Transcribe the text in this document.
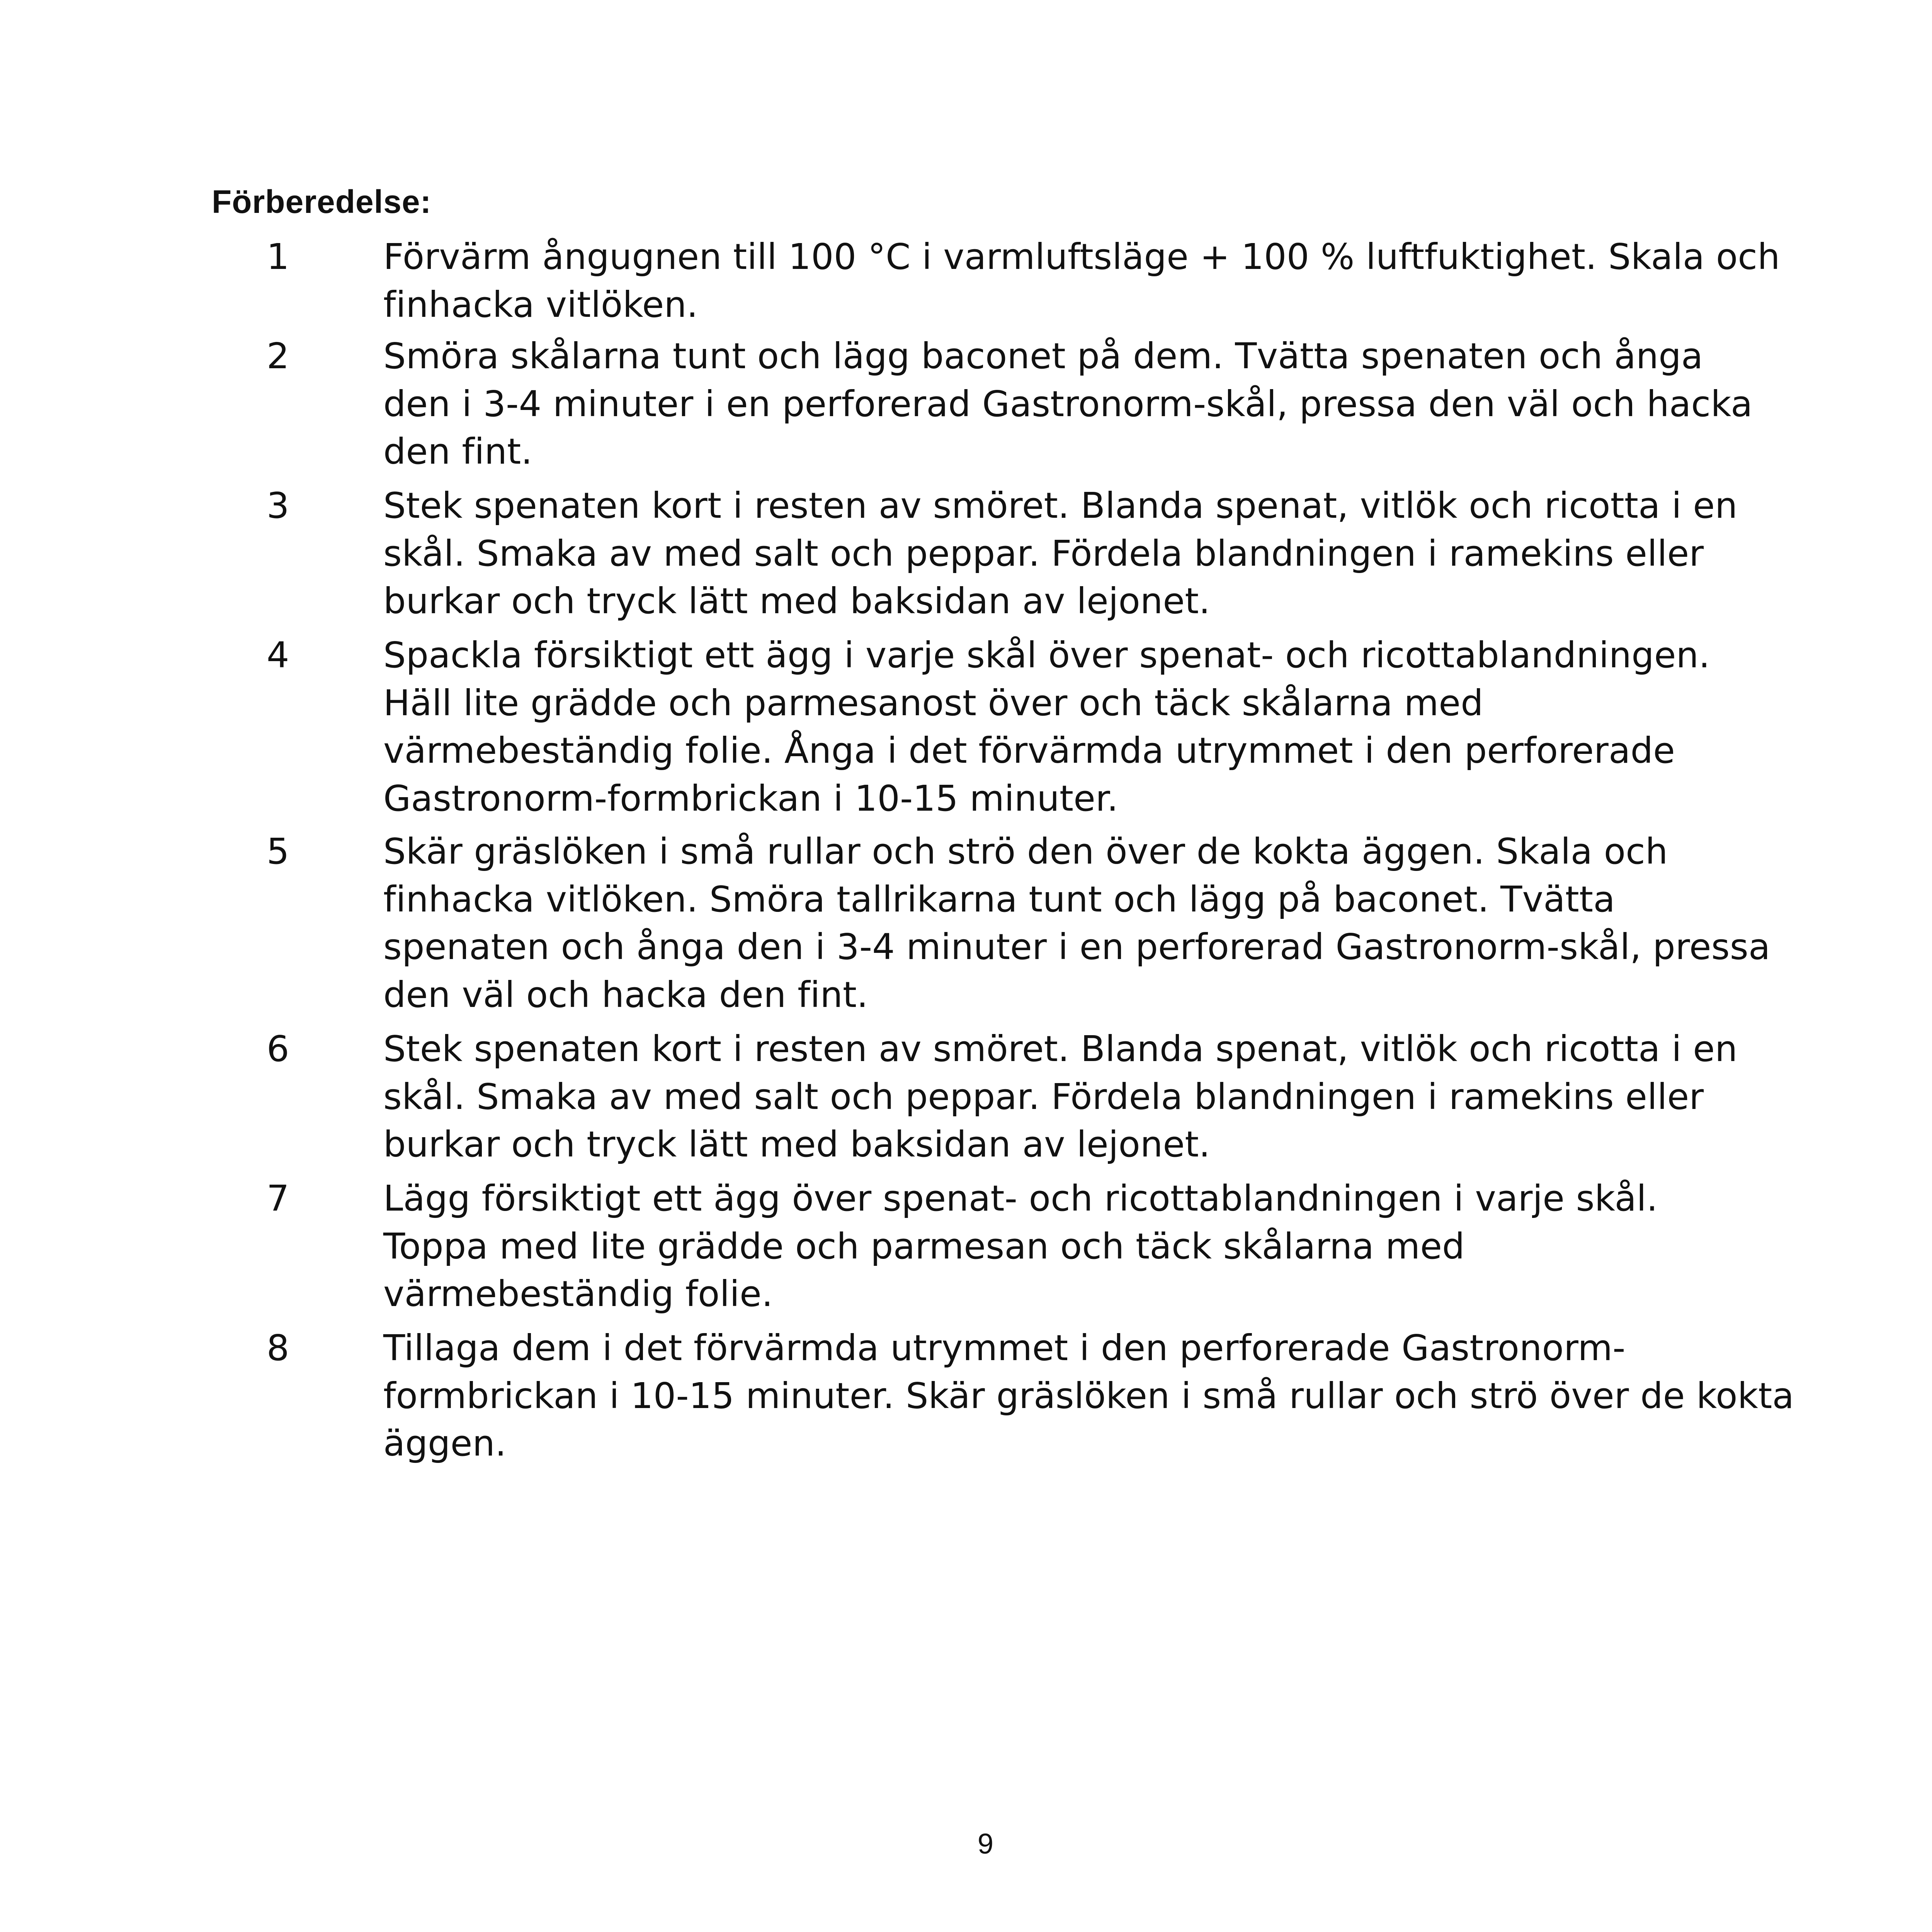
Förberedelse:
1	Förvärm ångugnen till 100 °C i varmluftsläge + 100 % luftfuktighet. Skala och
finhacka vitlöken.
2	Smöra skålarna tunt och lägg baconet på dem. Tvätta spenaten och ånga
den i 3-4 minuter i en perforerad Gastronorm-skål, pressa den väl och hacka
den fint.
3	Stek spenaten kort i resten av smöret. Blanda spenat, vitlök och ricotta i en
skål. Smaka av med salt och peppar. Fördela blandningen i ramekins eller
burkar och tryck lätt med baksidan av lejonet.
4	Spackla försiktigt ett ägg i varje skål över spenat- och ricottablandningen.
Häll lite grädde och parmesanost över och täck skålarna med
värmebeständig folie. Ånga i det förvärmda utrymmet i den perforerade
Gastronorm-formbrickan i 10-15 minuter.
5	Skär gräslöken i små rullar och strö den över de kokta äggen. Skala och
finhacka vitlöken. Smöra tallrikarna tunt och lägg på baconet. Tvätta
spenaten och ånga den i 3-4 minuter i en perforerad Gastronorm-skål, pressa
den väl och hacka den fint.
6	Stek spenaten kort i resten av smöret. Blanda spenat, vitlök och ricotta i en
skål. Smaka av med salt och peppar. Fördela blandningen i ramekins eller
burkar och tryck lätt med baksidan av lejonet.
7	Lägg försiktigt ett ägg över spenat- och ricottablandningen i varje skål.
Toppa med lite grädde och parmesan och täck skålarna med
värmebeständig folie.
8	Tillaga dem i det förvärmda utrymmet i den perforerade Gastronorm-
formbrickan i 10-15 minuter. Skär gräslöken i små rullar och strö över de kokta
äggen.
9
